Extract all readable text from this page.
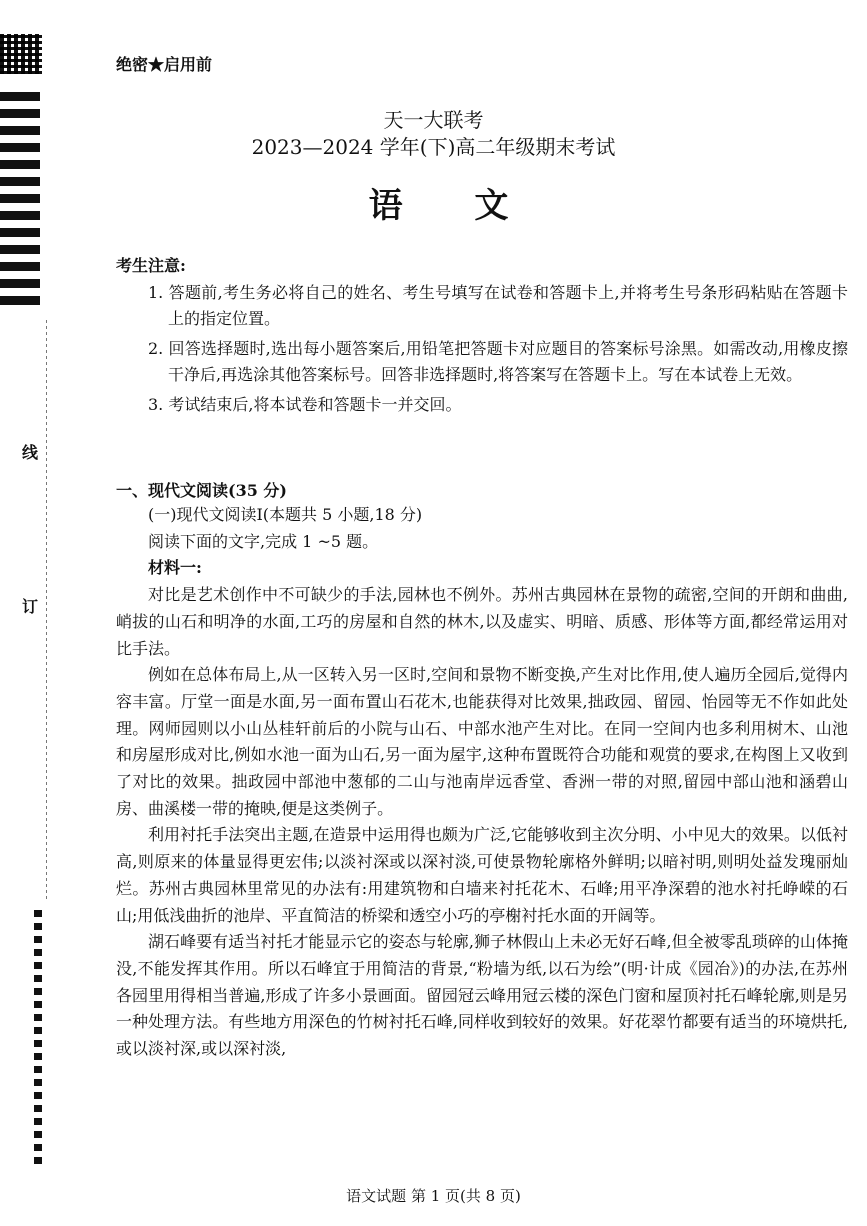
线
订
绝密★启用前
天一大联考
2023—2024 学年(下)高二年级期末考试
语 文
考生注意:

1. 答题前,考生务必将自己的姓名、考生号填写在试卷和答题卡上,并将考生号条形码粘贴在答题卡上的指定位置。

2. 回答选择题时,选出每小题答案后,用铅笔把答题卡对应题目的答案标号涂黑。如需改动,用橡皮擦干净后,再选涂其他答案标号。回答非选择题时,将答案写在答题卡上。写在本试卷上无效。

3. 考试结束后,将本试卷和答题卡一并交回。

一、现代文阅读(35 分)
(一)现代文阅读Ⅰ(本题共 5 小题,18 分)
阅读下面的文字,完成 1 ~5 题。
材料一:

对比是艺术创作中不可缺少的手法,园林也不例外。苏州古典园林在景物的疏密,空间的开朗和曲曲,峭拔的山石和明净的水面,工巧的房屋和自然的林木,以及虚实、明暗、质感、形体等方面,都经常运用对比手法。

例如在总体布局上,从一区转入另一区时,空间和景物不断变换,产生对比作用,使人遍历全园后,觉得内容丰富。厅堂一面是水面,另一面布置山石花木,也能获得对比效果,拙政园、留园、怡园等无不作如此处理。网师园则以小山丛桂轩前后的小院与山石、中部水池产生对比。在同一空间内也多利用树木、山池和房屋形成对比,例如水池一面为山石,另一面为屋宇,这种布置既符合功能和观赏的要求,在构图上又收到了对比的效果。拙政园中部池中葱郁的二山与池南岸远香堂、香洲一带的对照,留园中部山池和涵碧山房、曲溪楼一带的掩映,便是这类例子。

利用衬托手法突出主题,在造景中运用得也颇为广泛,它能够收到主次分明、小中见大的效果。以低衬高,则原来的体量显得更宏伟;以淡衬深或以深衬淡,可使景物轮廓格外鲜明;以暗衬明,则明处益发瑰丽灿烂。苏州古典园林里常见的办法有:用建筑物和白墙来衬托花木、石峰;用平净深碧的池水衬托峥嵘的石山;用低浅曲折的池岸、平直简洁的桥梁和透空小巧的亭榭衬托水面的开阔等。

湖石峰要有适当衬托才能显示它的姿态与轮廓,狮子林假山上未必无好石峰,但全被零乱琐碎的山体掩没,不能发挥其作用。所以石峰宜于用简洁的背景,“粉墙为纸,以石为绘”(明·计成《园冶》)的办法,在苏州各园里用得相当普遍,形成了许多小景画面。留园冠云峰用冠云楼的深色门窗和屋顶衬托石峰轮廓,则是另一种处理方法。有些地方用深色的竹树衬托石峰,同样收到较好的效果。好花翠竹都要有适当的环境烘托,或以淡衬深,或以深衬淡,

语文试题 第 1 页(共 8 页)
